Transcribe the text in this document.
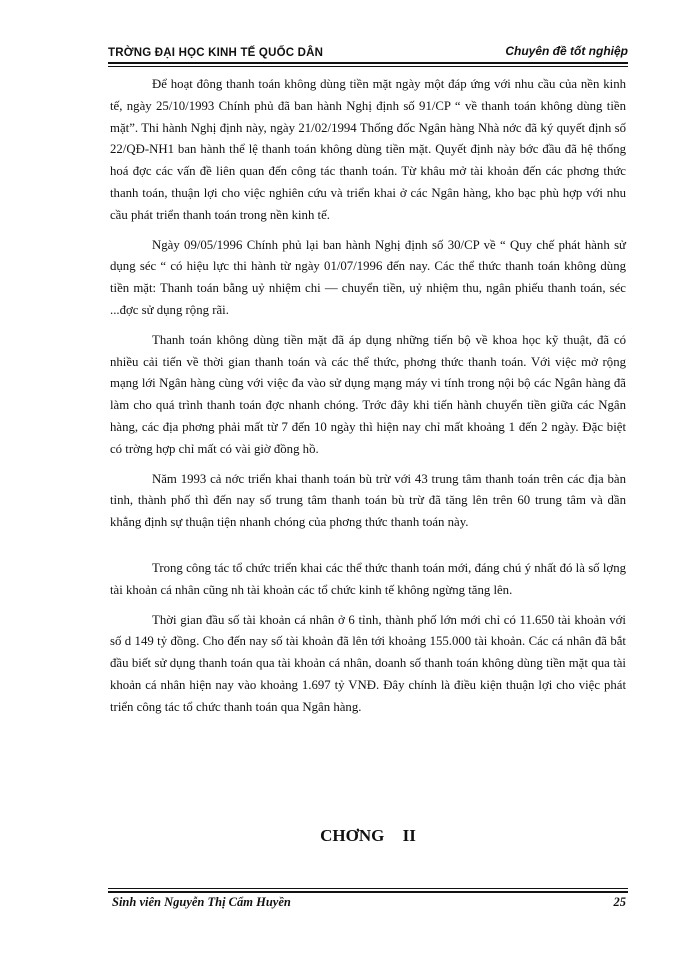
TRỜNG ĐẠI HỌC KINH TẾ QUỐC DÂN	Chuyên đề tốt nghiệp

Để hoạt đông thanh toán không dùng tiền mặt ngày một đáp ứng với nhu cầu của nền kinh tế, ngày 25/10/1993 Chính phủ đã ban hành Nghị định số 91/CP “ về thanh toán không dùng tiền mặt”. Thi hành Nghị định này, ngày 21/02/1994 Thống đốc Ngân hàng Nhà nớc đã ký quyết định số 22/QĐ-NH1 ban hành thể lệ thanh toán không dùng tiền mặt. Quyết định này bớc đầu đã hệ thống hoá đợc các vấn đề liên quan đến công tác thanh toán. Từ khâu mở tài khoản đến các phơng thức thanh toán, thuận lợi cho việc nghiên cứu và triển khai ở các Ngân hàng, kho bạc phù hợp với nhu cầu phát triển thanh toán trong nền kinh tế.

Ngày 09/05/1996 Chính phủ lại ban hành Nghị định số 30/CP về “ Quy chế phát hành sử dụng séc “ có hiệu lực thi hành từ ngày 01/07/1996 đến nay. Các thể thức thanh toán không dùng tiền mặt: Thanh toán bằng uỷ nhiệm chi — chuyển tiền, uỷ nhiệm thu, ngân phiếu thanh toán, séc ...đợc sử dụng rộng rãi.

Thanh toán không dùng tiền mặt đã áp dụng những tiến bộ về khoa học kỹ thuật, đã có nhiều cải tiến về thời gian thanh toán và các thể thức, phơng thức thanh toán. Với việc mở rộng mạng lới Ngân hàng cùng với việc đa vào sử dụng mạng máy vi tính trong nội bộ các Ngân hàng đã làm cho quá trình thanh toán đợc nhanh chóng. Trớc đây khi tiến hành chuyển tiền giữa các Ngân hàng, các địa phơng phải mất từ 7 đến 10 ngày thì hiện nay chỉ mất khoảng 1 đến 2 ngày. Đặc biệt có trờng hợp chỉ mất có vài giờ đồng hồ.

Năm 1993 cả nớc triển khai thanh toán bù trừ với 43 trung tâm thanh toán trên các địa bàn tỉnh, thành phố thì đến nay số trung tâm thanh toán bù trừ đã tăng lên trên 60 trung tâm và dần khẳng định sự thuận tiện nhanh chóng của phơng thức thanh toán này.

Trong công tác tổ chức triển khai các thể thức thanh toán mới, đáng chú ý nhất đó là số lợng tài khoản cá nhân cũng nh tài khoản các tổ chức kinh tế không ngừng tăng lên.

Thời gian đầu số tài khoản cá nhân ở 6 tỉnh, thành phố lớn mới chỉ có 11.650 tài khoản với số d 149 tỷ đồng. Cho đến nay số tài khoản đã lên tới khoảng 155.000 tài khoản. Các cá nhân đã bắt đầu biết sử dụng thanh toán qua tài khoản cá nhân, doanh số thanh toán không dùng tiền mặt qua tài khoản cá nhân hiện nay vào khoảng 1.697 tỷ VNĐ. Đây chính là điều kiện thuận lợi cho việc phát triển công tác tổ chức thanh toán qua Ngân hàng.

CHƠNG II
Sinh viên Nguyễn Thị Cẩm Huyền	25
